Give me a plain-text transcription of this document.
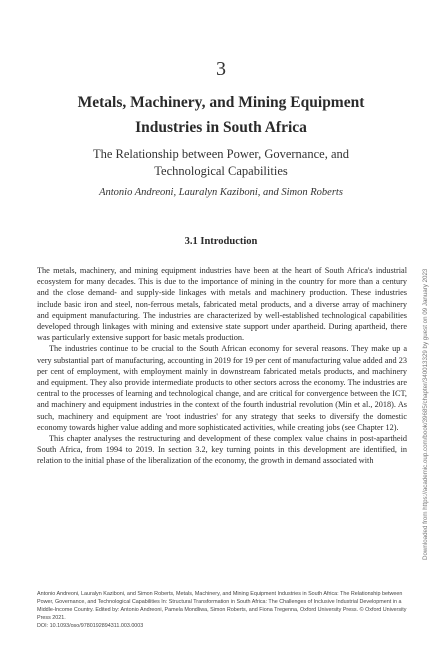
3
Metals, Machinery, and Mining Equipment
Industries in South Africa
The Relationship between Power, Governance, and
Technological Capabilities
Antonio Andreoni, Lauralyn Kaziboni, and Simon Roberts
3.1 Introduction

The metals, machinery, and mining equipment industries have been at the heart of South Africa's industrial ecosystem for many decades. This is due to the importance of mining in the country for more than a century and the close demand- and supply-side linkages with metals and machinery production. These industries include basic iron and steel, non-ferrous metals, fabricated metal products, and a diverse array of machinery and equipment manufacturing. The industries are characterized by well-established technological capabilities developed through linkages with mining and extensive state support under apartheid. During apartheid, there was particularly extensive support for basic metals production.

The industries continue to be crucial to the South African economy for several reasons. They make up a very substantial part of manufacturing, accounting in 2019 for 19 per cent of manufacturing value added and 23 per cent of employment, with employment mainly in downstream fabricated metals products, and machinery and equipment. They also provide intermediate products to other sectors across the economy. The industries are central to the processes of learning and technological change, and are critical for convergence between the ICT, and machinery and equipment industries in the context of the fourth industrial revolution (Min et al., 2018). As such, machinery and equipment are 'root industries' for any strategy that seeks to diversify the domestic economy towards higher value adding and more sophisticated activities, while creating jobs (see Chapter 12).

This chapter analyses the restructuring and development of these complex value chains in post-apartheid South Africa, from 1994 to 2019. In section 3.2, key turning points in this development are identified, in relation to the initial phase of the liberalization of the economy, the growth in demand associated with

Antonio Andreoni, Lauralyn Kaziboni, and Simon Roberts, Metals, Machinery, and Mining Equipment Industries in South Africa: The Relationship between Power, Governance, and Technological Capabilities In: Structural Transformation in South Africa: The Challenges of Inclusive Industrial Development in a Middle-Income Country. Edited by: Antonio Andreoni, Pamela Mondliwa, Simon Roberts, and Fiona Tregenna, Oxford University Press. © Oxford University Press 2021.

DOI: 10.1093/oso/9780192894311.003.0003

Downloaded from https://academic.oup.com/book/39685/chapter/340013329 by guest on 09 January 2023
